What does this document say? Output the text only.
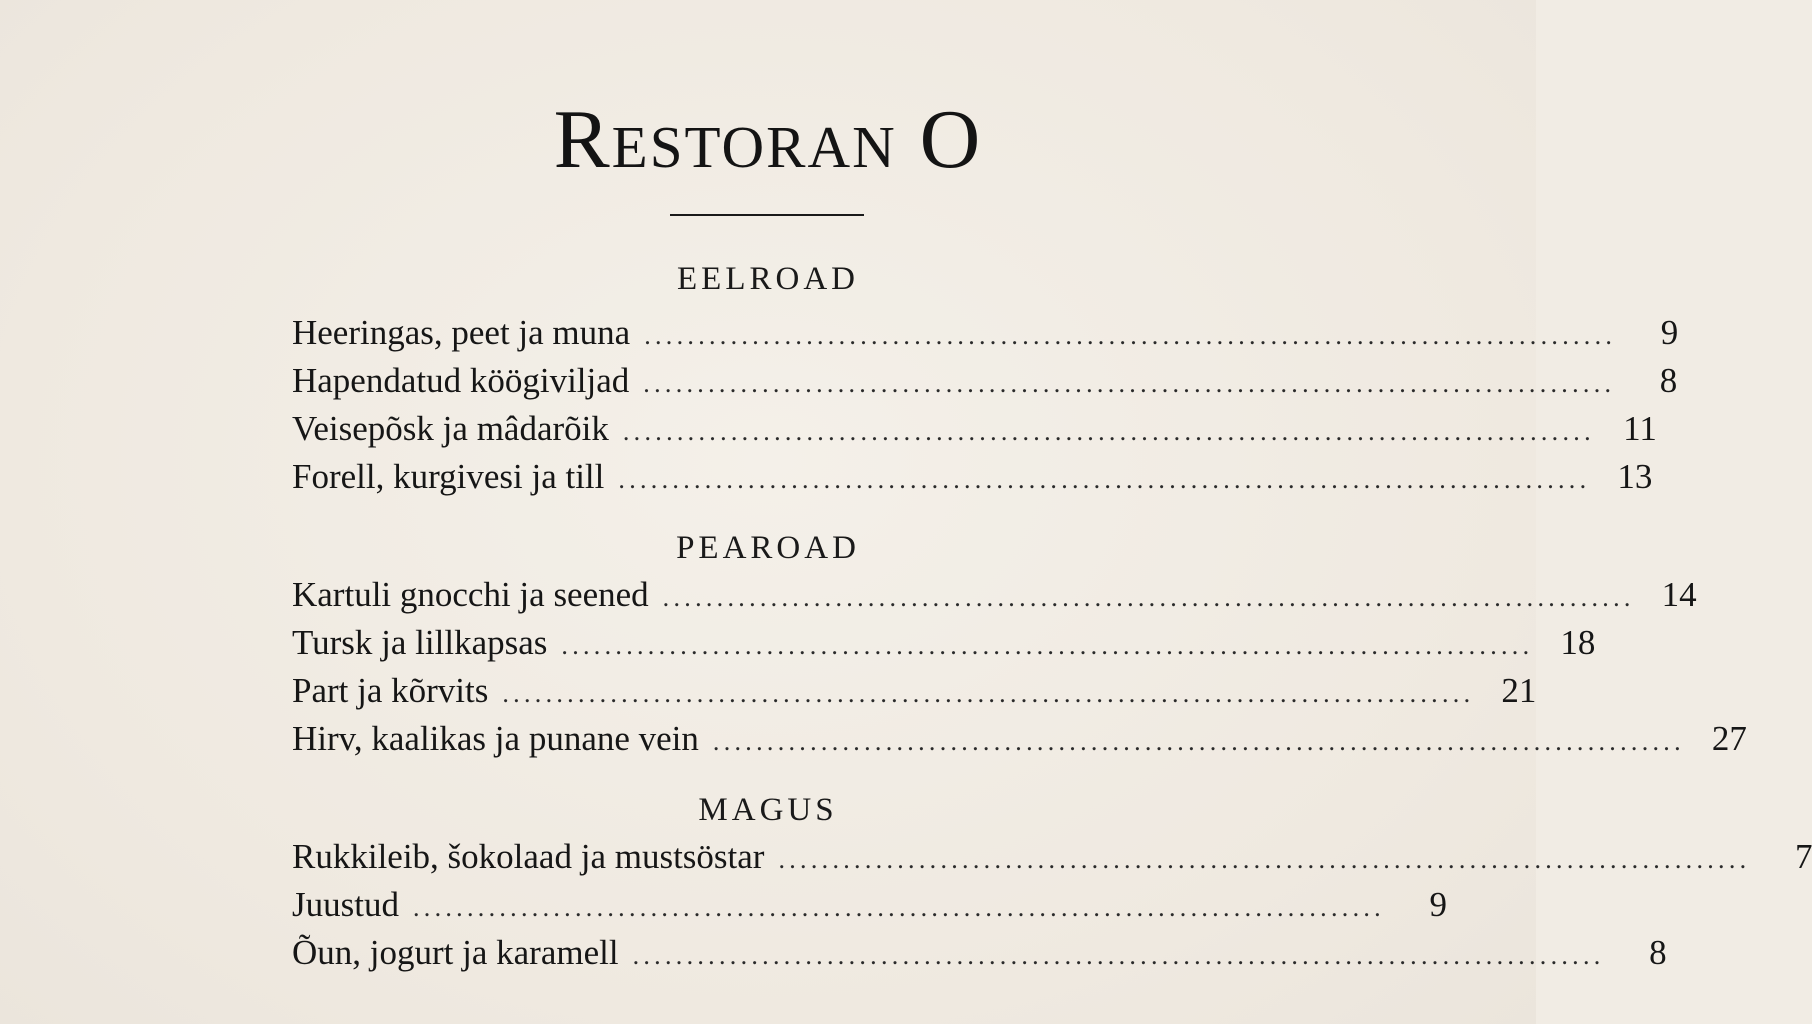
Restoran O
EELROAD
Heeringas, peet ja muna ..........................................................................................	9
Hapendatud köögiviljad ..........................................................................................	8
Veisepõsk ja mâdarõik .......................................................................................... 11
Forell, kurgivesi ja till .......................................................................................... 13
PEAROAD
Kartuli gnocchi ja seened .......................................................................................... 14
Tursk ja lillkapsas .......................................................................................... 18
Part ja kõrvits .......................................................................................... 21
Hirv, kaalikas ja punane vein .......................................................................................... 27
MAGUS
Rukkileib, šokolaad ja mustsöstar ..........................................................................................	7
Juustud ..........................................................................................	9
Õun, jogurt ja karamell ..........................................................................................	8
